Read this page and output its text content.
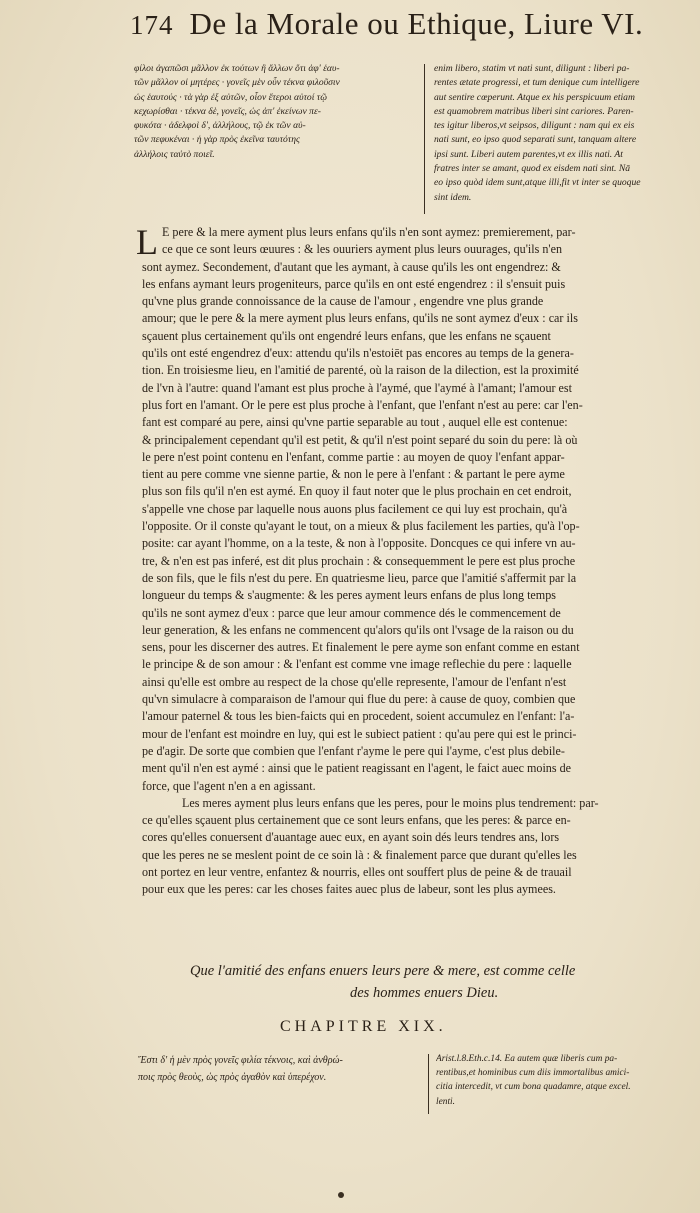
174 De la Morale ou Ethique, Liure VI.
φίλοι ἀγαπῶσι μᾶλλον ἐκ τούτων ἢ ἄλλων ὅτι ἀφ' ἑαυ-
τῶν μᾶλλον οἱ μητέρες · γονεῖς μὲν οὖν τέκνα φιλοῦσιν
ὡς ἑαυτούς · τὰ γὰρ ἐξ αὐτῶν, οἷον ἕτεροι αὐτοί τῷ
κεχωρίσθαι · τέκνα δὲ, γονεῖς, ὡς ἀπ' ἐκείνων πε-
φυκότα · ἀδελφοὶ δ', ἀλλήλους, τῷ ἐκ τῶν αὐ-
τῶν πεφυκέναι · ἡ γὰρ πρὸς ἐκεῖνα ταυτότης
ἀλλήλοις ταὐτὸ ποιεῖ.
enim libero, statim vt nati sunt, diligunt : liberi pa-
rentes ætate progressi, et tum denique cum intelligere
aut sentire cœperunt. Atque ex his perspicuum etiam
est quamobrem matribus liberi sint cariores. Paren-
tes igitur liberos,vt seipsos, diligunt : nam qui ex eis
nati sunt, eo ipso quod separati sunt, tanquam altere
ipsi sunt. Liberi autem parentes,vt ex illis nati. At
fratres inter se amant, quod ex eisdem nati sint. Nā
eo ipso quòd idem sunt,atque illi,fit vt inter se quoque
sint idem.
L E pere & la mere ayment plus leurs enfans qu'ils n'en sont aymez: premierement, par-
ce que ce sont leurs œuures : & les ouuriers ayment plus leurs ouurages, qu'ils n'en
sont aymez. Secondement, d'autant que les aymant, à cause qu'ils les ont engendrez: &
les enfans aymant leurs progeniteurs, parce qu'ils en ont esté engendrez : il s'ensuit puis
qu'vne plus grande connoissance de la cause de l'amour , engendre vne plus grande
amour; que le pere & la mere ayment plus leurs enfans, qu'ils ne sont aymez d'eux : car ils
sçauent plus certainement qu'ils ont engendré leurs enfans, que les enfans ne sçauent
qu'ils ont esté engendrez d'eux: attendu qu'ils n'estoiēt pas encores au temps de la genera-
tion. En troisiesme lieu, en l'amitié de parenté, où la raison de la dilection, est la proximité
de l'vn à l'autre: quand l'amant est plus proche à l'aymé, que l'aymé à l'amant; l'amour est
plus fort en l'amant. Or le pere est plus proche à l'enfant, que l'enfant n'est au pere: car l'en-
fant est comparé au pere, ainsi qu'vne partie separable au tout , auquel elle est contenue:
& principalement cependant qu'il est petit, & qu'il n'est point separé du soin du pere: là où
le pere n'est point contenu en l'enfant, comme partie : au moyen de quoy l'enfant appar-
tient au pere comme vne sienne partie, & non le pere à l'enfant : & partant le pere ayme
plus son fils qu'il n'en est aymé. En quoy il faut noter que le plus prochain en cet endroit,
s'appelle vne chose par laquelle nous auons plus facilement ce qui luy est prochain, qu'à
l'opposite. Or il conste qu'ayant le tout, on a mieux & plus facilement les parties, qu'à l'op-
posite: car ayant l'homme, on a la teste, & non à l'opposite. Doncques ce qui infere vn au-
tre, & n'en est pas inferé, est dit plus prochain : & consequemment le pere est plus proche
de son fils, que le fils n'est du pere. En quatriesme lieu, parce que l'amitié s'affermit par la
longueur du temps & s'augmente: & les peres ayment leurs enfans de plus long temps
qu'ils ne sont aymez d'eux : parce que leur amour commence dés le commencement de
leur generation, & les enfans ne commencent qu'alors qu'ils ont l'vsage de la raison ou du
sens, pour les discerner des autres. Et finalement le pere ayme son enfant comme en estant
le principe & de son amour : & l'enfant est comme vne image reflechie du pere : laquelle
ainsi qu'elle est ombre au respect de la chose qu'elle represente, l'amour de l'enfant n'est
qu'vn simulacre à comparaison de l'amour qui flue du pere: à cause de quoy, combien que
l'amour paternel & tous les bien-faicts qui en procedent, soient accumulez en l'enfant: l'a-
mour de l'enfant est moindre en luy, qui est le subiect patient : qu'au pere qui est le princi-
pe d'agir. De sorte que combien que l'enfant r'ayme le pere qui l'ayme, c'est plus debile-
ment qu'il n'en est aymé : ainsi que le patient reagissant en l'agent, le faict auec moins de
force, que l'agent n'en a en agissant.
Les meres ayment plus leurs enfans que les peres, pour le moins plus tendrement: par-
ce qu'elles sçauent plus certainement que ce sont leurs enfans, que les peres: & parce en-
cores qu'elles conuersent d'auantage auec eux, en ayant soin dés leurs tendres ans, lors
que les peres ne se meslent point de ce soin là : & finalement parce que durant qu'elles les
ont portez en leur ventre, enfantez & nourris, elles ont souffert plus de peine & de trauail
pour eux que les peres: car les choses faites auec plus de labeur, sont les plus aymees.
Que l'amitié des enfans enuers leurs pere & mere, est comme celle
des hommes enuers Dieu.
CHAPITRE XIX.
Ἔστι δ' ἡ μὲν πρὸς γονεῖς φιλία τέκνοις, καὶ ἀνθρώ-
ποις πρὸς θεοὺς, ὡς πρὸς ἀγαθὸν καὶ ὑπερέχον.
Arist.l.8.Eth.c.14. Ea autem quæ liberis cum pa-
rentibus,et hominibus cum diis immortalibus amici-
citia intercedit, vt cum bona quadamre, atque excel.
lenti.
